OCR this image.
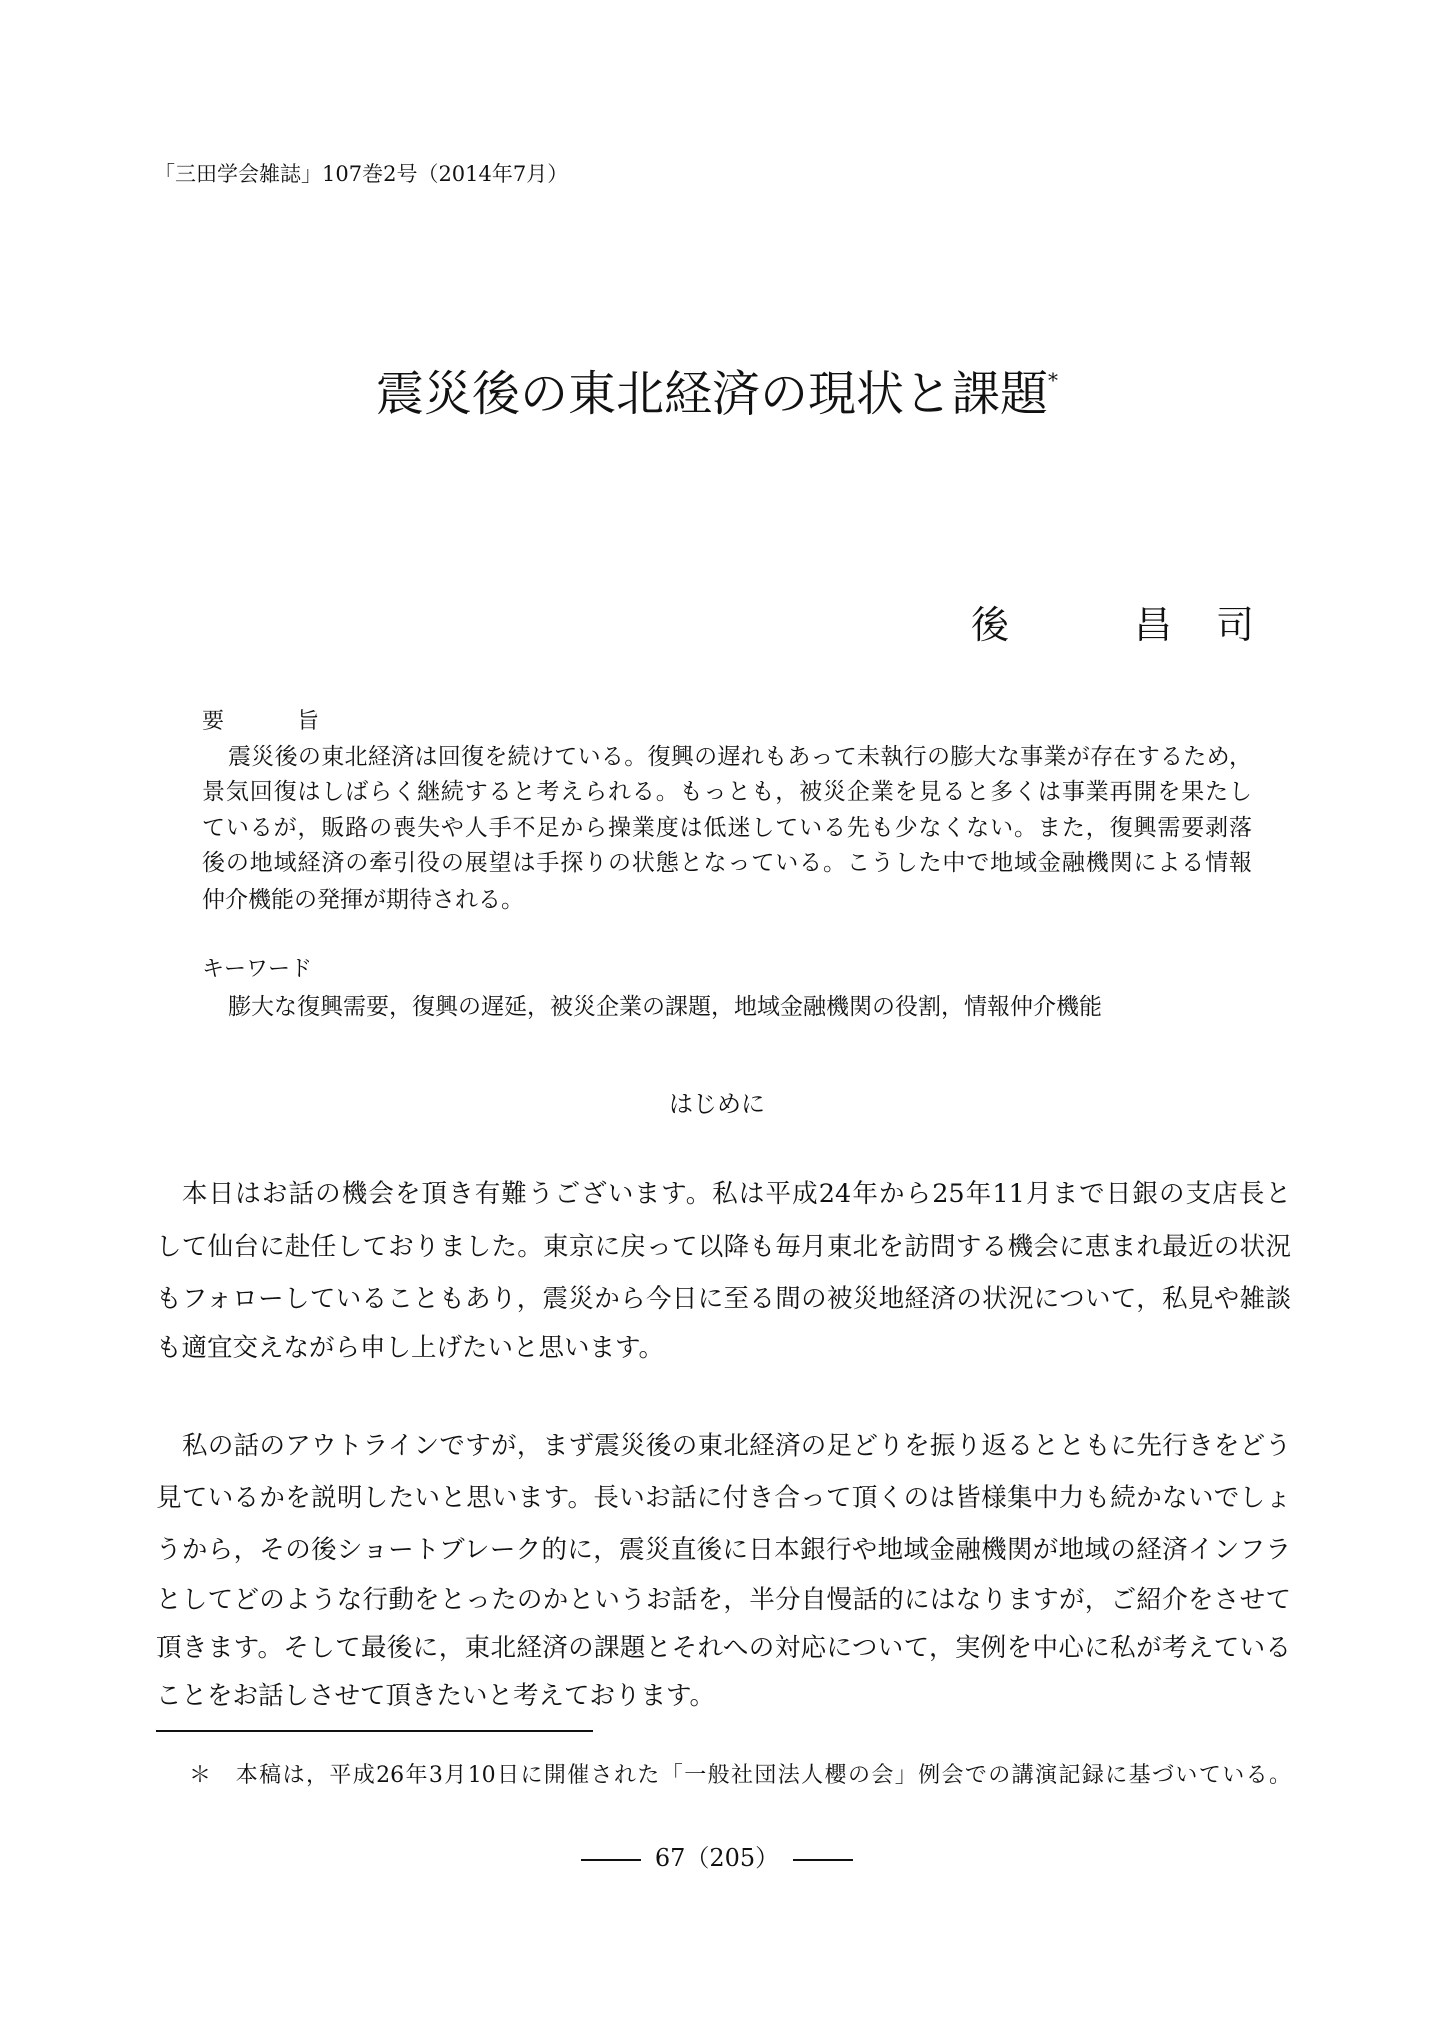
「三田学会雑誌」107巻2号（2014年7月）
震災後の東北経済の現状と課題*
後	昌 司
要	旨
震災後の東北経済は回復を続けている。復興の遅れもあって未執行の膨大な事業が存在するため，
景気回復はしばらく継続すると考えられる。もっとも，被災企業を見ると多くは事業再開を果たし
ているが，販路の喪失や人手不足から操業度は低迷している先も少なくない。また，復興需要剥落
後の地域経済の牽引役の展望は手探りの状態となっている。こうした中で地域金融機関による情報
仲介機能の発揮が期待される。
キーワード
膨大な復興需要，復興の遅延，被災企業の課題，地域金融機関の役割，情報仲介機能
はじめに
本日はお話の機会を頂き有難うございます。私は平成24年から25年11月まで日銀の支店長と
して仙台に赴任しておりました。東京に戻って以降も毎月東北を訪問する機会に恵まれ最近の状況
もフォローしていることもあり，震災から今日に至る間の被災地経済の状況について，私見や雑談
も適宜交えながら申し上げたいと思います。
私の話のアウトラインですが，まず震災後の東北経済の足どりを振り返るとともに先行きをどう
見ているかを説明したいと思います。長いお話に付き合って頂くのは皆様集中力も続かないでしょ
うから，その後ショートブレーク的に，震災直後に日本銀行や地域金融機関が地域の経済インフラ
としてどのような行動をとったのかというお話を，半分自慢話的にはなりますが，ご紹介をさせて
頂きます。そして最後に，東北経済の課題とそれへの対応について，実例を中心に私が考えている
ことをお話しさせて頂きたいと考えております。
＊　本稿は，平成26年3月10日に開催された「一般社団法人櫻の会」例会での講演記録に基づいている。
67（205）
